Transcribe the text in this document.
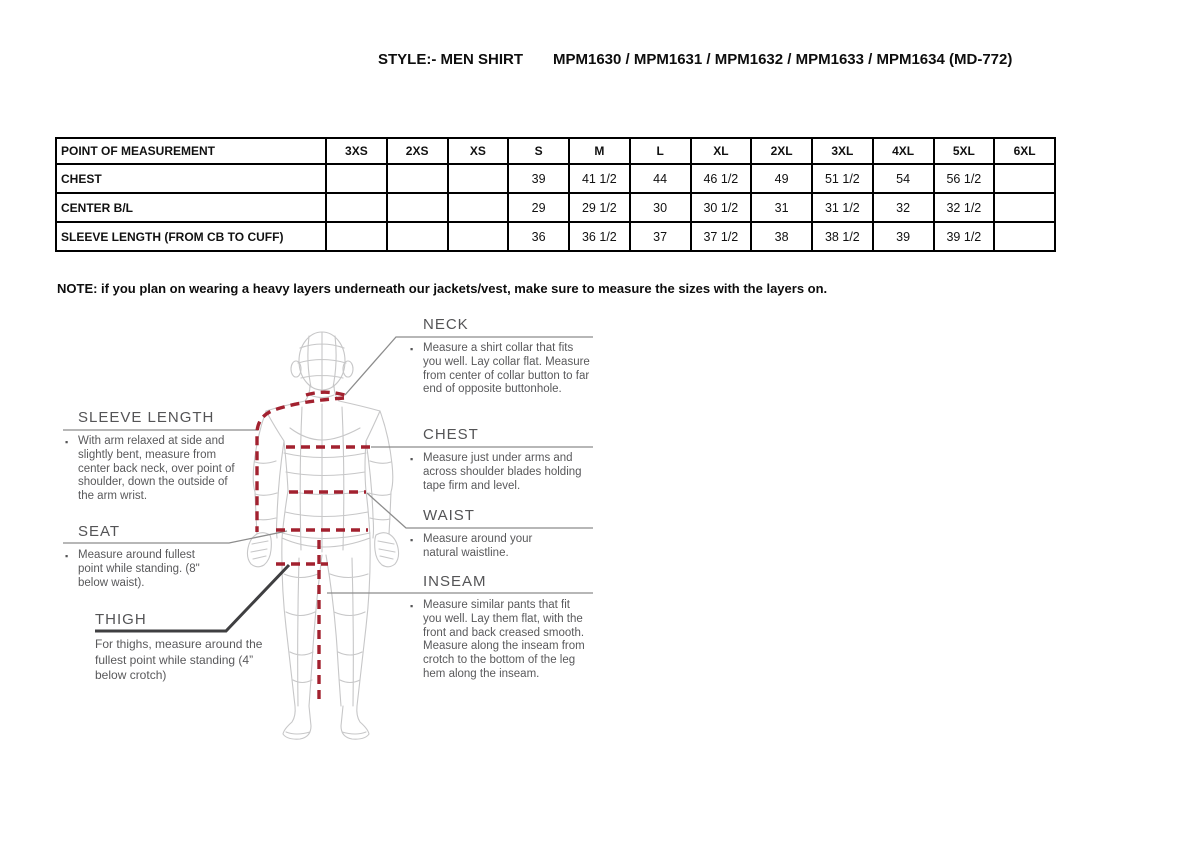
STYLE:- MEN SHIRT MPM1630 / MPM1631 / MPM1632 / MPM1633 / MPM1634 (MD-772)
POINT OF MEASUREMENT	3XS	2XS	XS	S	M	L	XL	2XL	3XL	4XL	5XL	6XL
CHEST				39	41 1/2	44	46 1/2	49	51 1/2	54	56 1/2	
CENTER B/L				29	29 1/2	30	30 1/2	31	31 1/2	32	32 1/2	
SLEEVE LENGTH (FROM CB TO CUFF)				36	36 1/2	37	37 1/2	38	38 1/2	39	39 1/2	

NOTE: if you plan on wearing a heavy layers underneath our jackets/vest, make sure to measure the sizes with the layers on.

SLEEVE LENGTH

▪ With arm relaxed at side and slightly bent, measure from center back neck, over point of shoulder, down the outside of the arm wrist.

SEAT

▪ Measure around fullest point while standing. (8" below waist).

THIGH

For thighs, measure around the fullest point while standing (4” below crotch)

NECK

▪ Measure a shirt collar that fits you well. Lay collar flat. Measure from center of collar button to far end of opposite buttonhole.

CHEST

▪ Measure just under arms and across shoulder blades holding tape firm and level.

WAIST

▪ Measure around your natural waistline.

INSEAM

▪ Measure similar pants that fit you well. Lay them flat, with the front and back creased smooth. Measure along the inseam from crotch to the bottom of the leg hem along the inseam.
